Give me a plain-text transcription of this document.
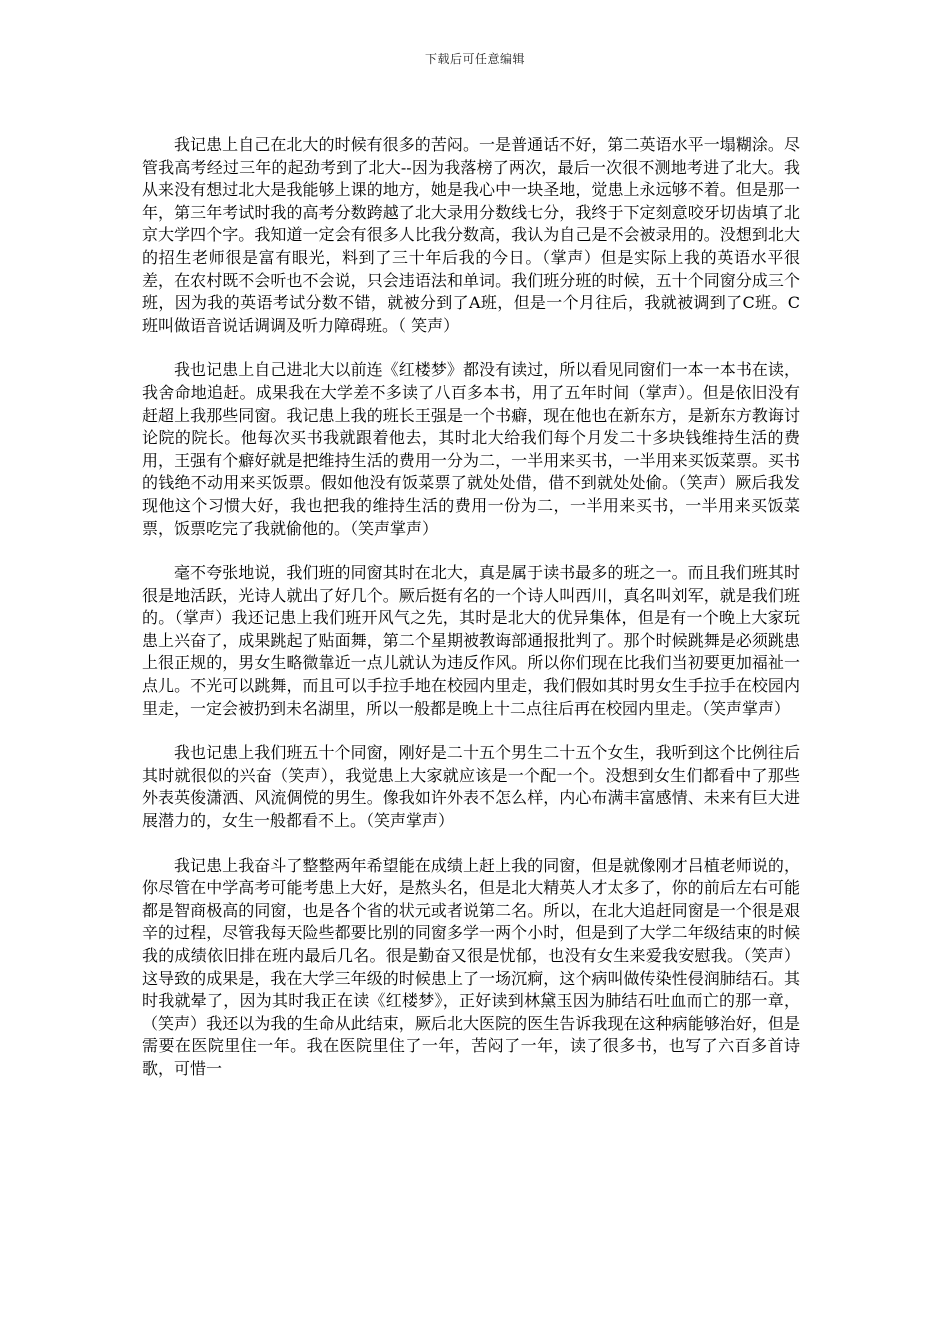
下载后可任意编辑

我记患上自己在北大的时候有很多的苦闷。一是普通话不好，第二英语水平一塌糊涂。尽管我高考经过三年的起劲考到了北大--因为我落榜了两次，最后一次很不测地考进了北大。我从来没有想过北大是我能够上课的地方，她是我心中一块圣地，觉患上永远够不着。但是那一年，第三年考试时我的高考分数跨越了北大录用分数线七分，我终于下定刻意咬牙切齿填了北京大学四个字。我知道一定会有很多人比我分数高，我认为自己是不会被录用的。没想到北大的招生老师很是富有眼光，料到了三十年后我的今日。（掌声）但是实际上我的英语水平很差，在农村既不会听也不会说，只会违语法和单词。我们班分班的时候，五十个同窗分成三个班，因为我的英语考试分数不错，就被分到了A班，但是一个月往后，我就被调到了C班。C班叫做语音说话调调及听力障碍班。（ 笑声）

我也记患上自己进北大以前连《红楼梦》都没有读过，所以看见同窗们一本一本书在读，我舍命地追赶。成果我在大学差不多读了八百多本书，用了五年时间（掌声）。但是依旧没有赶超上我那些同窗。我记患上我的班长王强是一个书癖，现在他也在新东方，是新东方教诲讨论院的院长。他每次买书我就跟着他去，其时北大给我们每个月发二十多块钱维持生活的费用，王强有个癖好就是把维持生活的费用一分为二，一半用来买书，一半用来买饭菜票。买书的钱绝不动用来买饭票。假如他没有饭菜票了就处处借，借不到就处处偷。（笑声）厥后我发现他这个习惯大好，我也把我的维持生活的费用一份为二，一半用来买书，一半用来买饭菜票，饭票吃完了我就偷他的。（笑声掌声）

毫不夸张地说，我们班的同窗其时在北大，真是属于读书最多的班之一。而且我们班其时很是地活跃，光诗人就出了好几个。厥后挺有名的一个诗人叫西川，真名叫刘军，就是我们班的。（掌声）我还记患上我们班开风气之先，其时是北大的优异集体，但是有一个晚上大家玩患上兴奋了，成果跳起了贴面舞，第二个星期被教诲部通报批判了。那个时候跳舞是必须跳患上很正规的，男女生略微靠近一点儿就认为违反作风。所以你们现在比我们当初要更加福祉一点儿。不光可以跳舞，而且可以手拉手地在校园内里走，我们假如其时男女生手拉手在校园内里走，一定会被扔到未名湖里，所以一般都是晚上十二点往后再在校园内里走。（笑声掌声）

我也记患上我们班五十个同窗，刚好是二十五个男生二十五个女生，我听到这个比例往后其时就很似的兴奋（笑声），我觉患上大家就应该是一个配一个。没想到女生们都看中了那些外表英俊潇洒、风流倜傥的男生。像我如许外表不怎么样，内心布满丰富感情、未来有巨大进展潜力的，女生一般都看不上。（笑声掌声）

我记患上我奋斗了整整两年希望能在成绩上赶上我的同窗，但是就像刚才吕植老师说的，你尽管在中学高考可能考患上大好，是熬头名，但是北大精英人才太多了，你的前后左右可能都是智商极高的同窗，也是各个省的状元或者说第二名。所以，在北大追赶同窗是一个很是艰辛的过程，尽管我每天险些都要比别的同窗多学一两个小时，但是到了大学二年级结束的时候我的成绩依旧排在班内最后几名。很是勤奋又很是忧郁，也没有女生来爱我安慰我。（笑声）这导致的成果是，我在大学三年级的时候患上了一场沉痾，这个病叫做传染性侵润肺结石。其时我就晕了，因为其时我正在读《红楼梦》，正好读到林黛玉因为肺结石吐血而亡的那一章，（笑声）我还以为我的生命从此结束，厥后北大医院的医生告诉我现在这种病能够治好，但是需要在医院里住一年。我在医院里住了一年，苦闷了一年，读了很多书，也写了六百多首诗歌，可惜一
